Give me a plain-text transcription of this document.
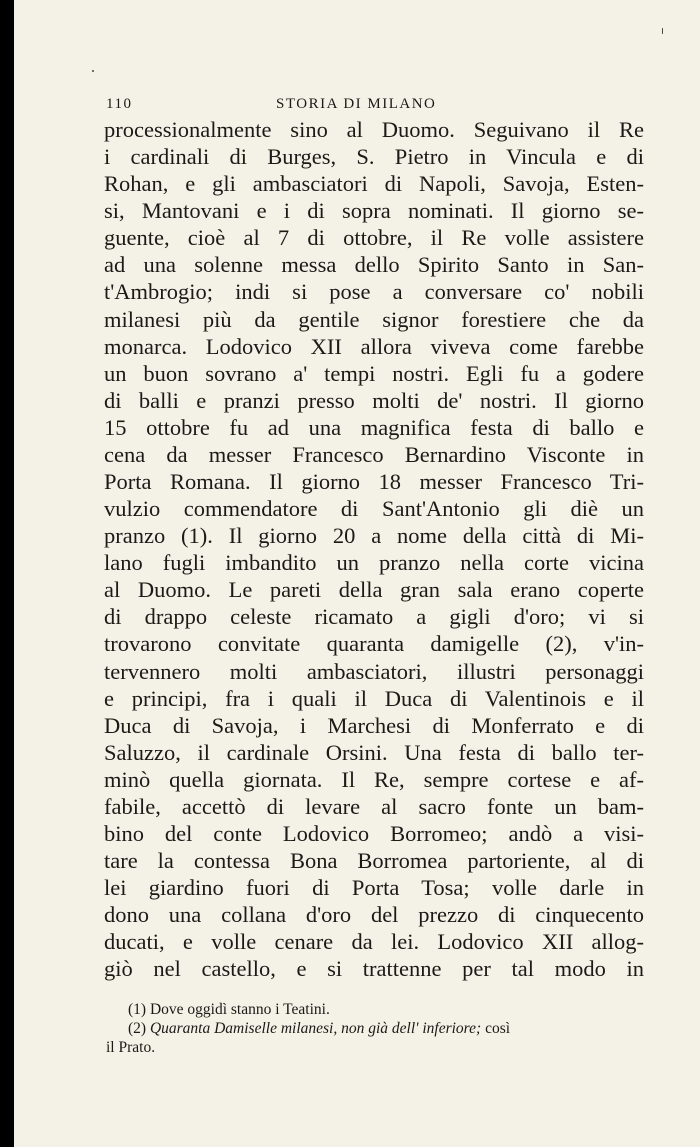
110	STORIA DI MILANO
processionalmente sino al Duomo. Seguivano il Re
i cardinali di Burges, S. Pietro in Vincula e di
Rohan, e gli ambasciatori di Napoli, Savoja, Esten-
si, Mantovani e i di sopra nominati. Il giorno se-
guente, cioè al 7 di ottobre, il Re volle assistere
ad una solenne messa dello Spirito Santo in San-
t'Ambrogio; indi si pose a conversare co' nobili
milanesi più da gentile signor forestiere che da
monarca. Lodovico XII allora viveva come farebbe
un buon sovrano a' tempi nostri. Egli fu a godere
di balli e pranzi presso molti de' nostri. Il giorno
15 ottobre fu ad una magnifica festa di ballo e
cena da messer Francesco Bernardino Visconte in
Porta Romana. Il giorno 18 messer Francesco Tri-
vulzio commendatore di Sant'Antonio gli diè un
pranzo (1). Il giorno 20 a nome della città di Mi-
lano fugli imbandito un pranzo nella corte vicina
al Duomo. Le pareti della gran sala erano coperte
di drappo celeste ricamato a gigli d'oro; vi si
trovarono convitate quaranta damigelle (2), v'in-
tervennero molti ambasciatori, illustri personaggi
e principi, fra i quali il Duca di Valentinois e il
Duca di Savoja, i Marchesi di Monferrato e di
Saluzzo, il cardinale Orsini. Una festa di ballo ter-
minò quella giornata. Il Re, sempre cortese e af-
fabile, accettò di levare al sacro fonte un bam-
bino del conte Lodovico Borromeo; andò a visi-
tare la contessa Bona Borromea partoriente, al di
lei giardino fuori di Porta Tosa; volle darle in
dono una collana d'oro del prezzo di cinquecento
ducati, e volle cenare da lei. Lodovico XII allog-
giò nel castello, e si trattenne per tal modo in
(1) Dove oggidì stanno i Teatini.
(2) Quaranta Damiselle milanesi, non già dell' inferiore; così
il Prato.
